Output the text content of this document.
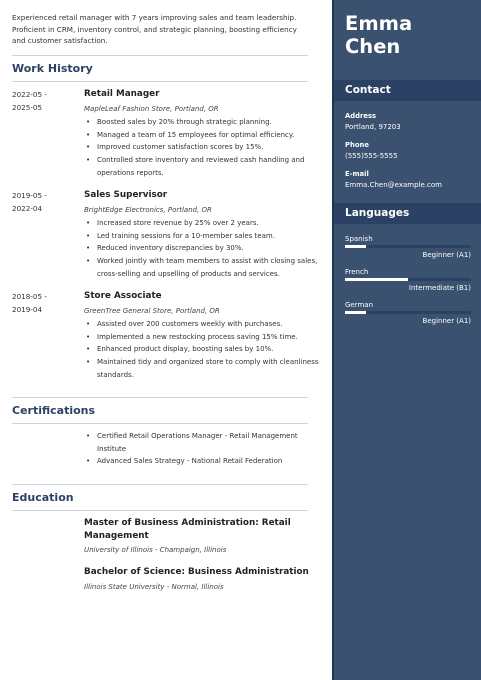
Experienced retail manager with 7 years improving sales and team leadership. Proficient in CRM, inventory control, and strategic planning, boosting efficiency and customer satisfaction.

Work History
2022-05 -
2025-05
Retail Manager
MapleLeaf Fashion Store, Portland, OR
• Boosted sales by 20% through strategic planning.
• Managed a team of 15 employees for optimal efficiency.
• Improved customer satisfaction scores by 15%.
• Controlled store inventory and reviewed cash handling and operations reports.
2019-05 -
2022-04
Sales Supervisor
BrightEdge Electronics, Portland, OR
• Increased store revenue by 25% over 2 years.
• Led training sessions for a 10-member sales team.
• Reduced inventory discrepancies by 30%.
• Worked jointly with team members to assist with closing sales, cross-selling and upselling of products and services.
2018-05 -
2019-04
Store Associate
GreenTree General Store, Portland, OR
• Assisted over 200 customers weekly with purchases.
• Implemented a new restocking process saving 15% time.
• Enhanced product display, boosting sales by 10%.
• Maintained tidy and organized store to comply with cleanliness standards.
Certifications
• Certified Retail Operations Manager - Retail Management Institute
• Advanced Sales Strategy - National Retail Federation
Education
Master of Business Administration: Retail Management
University of Illinois - Champaign, Illinois
Bachelor of Science: Business Administration
Illinois State University - Normal, Illinois
Emma
Chen
Contact
Address
Portland, 97203
Phone
(555)555-5555
E-mail
Emma.Chen@example.com
Languages
Spanish
Beginner (A1)
French
Intermediate (B1)
German
Beginner (A1)
